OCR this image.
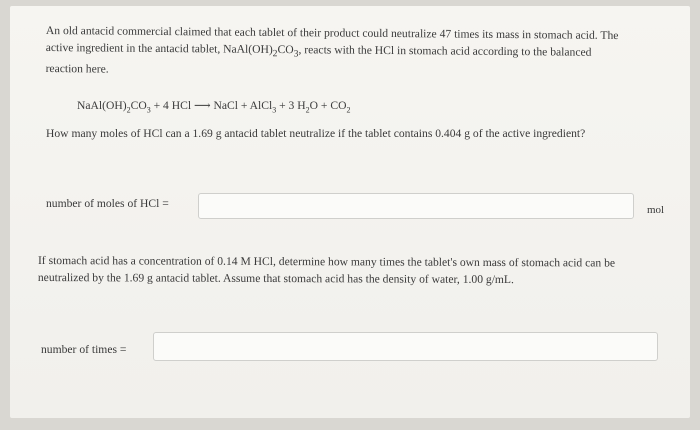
An old antacid commercial claimed that each tablet of their product could neutralize 47 times its mass in stomach acid. The
active ingredient in the antacid tablet, $NaAl(OH)_2CO_3$, reacts with the HCl in stomach acid according to the balanced
reaction here.
$NaAl(OH)_2CO_3 + 4$ HCl ⟶ NaCl + AlCl$_3$ + 3 $H_2O + CO_2$
How many moles of HCl can a 1.69 g antacid tablet neutralize if the tablet contains 0.404 g of the active ingredient?
number of moles of HCl =	mol
If stomach acid has a concentration of 0.14 M HCl, determine how many times the tablet's own mass of stomach acid can be
neutralized by the 1.69 g antacid tablet. Assume that stomach acid has the density of water, 1.00 g/mL.
number of times =
